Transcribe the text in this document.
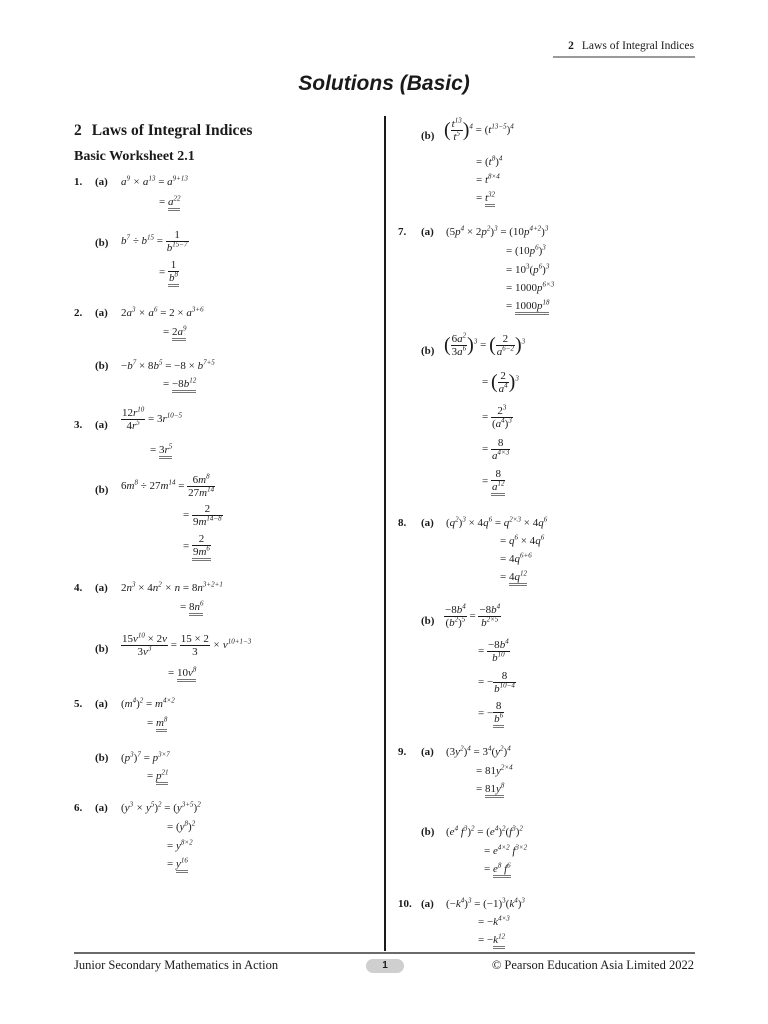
2 Laws of Integral Indices
Solutions (Basic)
2 Laws of Integral Indices
Basic Worksheet 2.1
1. (a) $a^9 \times a^{13} = a^{9+13}$
= $a^{22}$
(b) $b^7 \div b^{15} = \frac{1}{b^{15-7}}$
= $\frac{1}{b^8}$
2. (a) $2a^3 \times a^6 = 2 \times a^{3+6}$
= $2a^9$
$(b) -b^7 \times 8b^5 = -8 \times b^{7+5}$
= $-8b^{12}$
3. $(a) \frac{12r^{10}}{4r^5} = 3r^{10-5}$
= $3r^5$
(b) $6m^8 \div 27m^{14} = \frac{6m^8}{27m^{14}}$
= $\frac{2}{9m^{14-8}}$
= $\frac{2}{9m^6}$
4. (a) $2n^3 \times 4n^2 \times n = 8n^{3+2+1}$
= $8n^6$
$(b) \frac{15v^{10} \times 2v}{3v^3} = \frac{15 \times 2}{3} \times v^{10+1-3}$
= $10v^8$
5. (a) $(m^4)^2 = m^{4\times 2}$
= $m^8$
(b) $(p^3)^7 = p^{3\times 7}$
= $p^{21}$
6. (a) $(y^3 \times y^5)^2 = (y^{3+5})^2$
= $(y^8)^2$
= $y^{8\times 2}$
= $y^{16}$
(b) ( $\frac{t^{13}}{t^5} )^4 = (t^{13-5})^4$
= $(t^8)^4$
= $t^{8\times 4}$
= $t^{32}$
7. (a) $(5p^4 \times 2p^2)^3 = (10p^{4+2})^3$
= $(10p^6)^3$
= $10^3(p^6)^3$
= $1000p^{6\times 3}$
= $1000p^{18}$
(b) ( $\frac{6a^2}{3a^6} )^3$ = ( $\frac{2}{a^{6-2}} )^3$
= ( $\frac{2}{a^4} )^3$
= $\frac{2^3}{(a^4)^3}$
= $\frac{8}{a^{4\times 3}}$
= $\frac{8}{a^{12}}$
8. (a) $(q^2)^3 \times 4q^6 = q^{2\times 3} \times 4q^6$
= $q^6 \times 4q^6$
= $4q^{6+6}$
= $4q^{12}$
$(b) \frac{-8b^4}{(b^2)^5} = \frac{-8b^4}{b^{2\times 5}}$
= $\frac{-8b^4}{b^{10}}$
= − $\frac{8}{b^{10-4}}$
= − $\frac{8}{b^6}$
9. (a) $(3y^2)^4 = 3^4(y^2)^4$
= $81y^{2\times 4}$
= $81y^8$
(b) ($e^4$ $f^3)^2 = (e^4)^2(f^3)^2$
= $e^{4\times 2}$ $f^{3\times 2}$
= $e^8$ $f^6$
10. (a) $(-k^4)^3 = (-1)^3(k^4)^3$
= $-k^{4\times 3}$
= $-k^{12}$
Junior Secondary Mathematics in Action	1	© Pearson Education Asia Limited 2022
